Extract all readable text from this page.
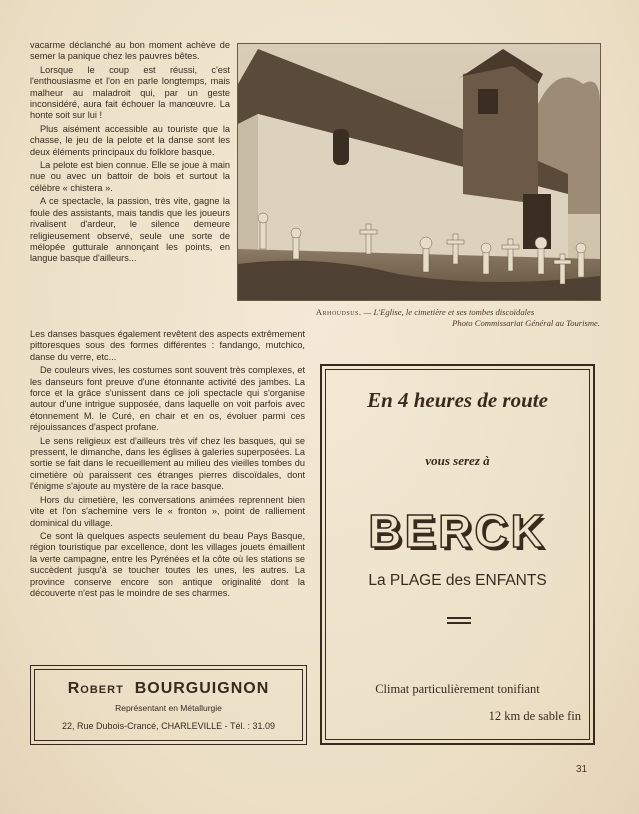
vacarme déclanché au bon moment achève de semer la panique chez les pauvres bêtes.

Lorsque le coup est réussi, c'est l'enthousiasme et l'on en parle longtemps, mais malheur au maladroit qui, par un geste inconsidéré, aura fait échouer la manœuvre. La honte soit sur lui !

Plus aisément accessible au touriste que la chasse, le jeu de la pelote et la danse sont les deux éléments principaux du folklore basque.

La pelote est bien connue. Elle se joue à main nue ou avec un battoir de bois et surtout la célèbre « chistera ».

A ce spectacle, la passion, très vite, gagne la foule des assistants, mais tandis que les joueurs rivalisent d'ardeur, le silence demeure religieusement observé, seule une sorte de mélopée gutturale annonçant les points, en langue basque d'ailleurs...

Les danses basques également revêtent des aspects extrêmement pittoresques sous des formes différentes : fandango, mutchico, danse du verre, etc...

De couleurs vives, les costumes sont souvent très complexes, et les danseurs font preuve d'une étonnante activité des jambes. La force et la grâce s'unissent dans ce joli spectacle qui s'organise autour d'une intrigue supposée, dans laquelle on voit parfois avec étonnement M. le Curé, en chair et en os, évoluer parmi ces réjouissances d'aspect profane.

Le sens religieux est d'ailleurs très vif chez les basques, qui se pressent, le dimanche, dans les églises à galeries superposées. La sortie se fait dans le recueillement au milieu des vieilles tombes du cimetière où paraissent ces étranges pierres discoïdales, dont l'énigme s'ajoute au mystère de la race basque.

Hors du cimetière, les conversations animées reprennent bien vite et l'on s'achemine vers le « fronton », point de ralliement dominical du village.

Ce sont là quelques aspects seulement du beau Pays Basque, région touristique par excellence, dont les villages jouets émaillent la verte campagne, entre les Pyrénées et la côte où les stations se succèdent jusqu'à se toucher toutes les unes, les autres. La province conserve encore son antique originalité dont la découverte n'est pas le moindre de ses charmes.

Arhoudsus. — L'Eglise, le cimetière et ses tombes discoïdales
Photo Commissariat Général au Tourisme.
En 4 heures de route
vous serez à
BERCK
La PLAGE des ENFANTS
Climat particulièrement tonifiant
12 km de sable fin
Robert BOURGUIGNON
Représentant en Métallurgie
22, Rue Dubois-Crancé, CHARLEVILLE - Tél. : 31.09
31
